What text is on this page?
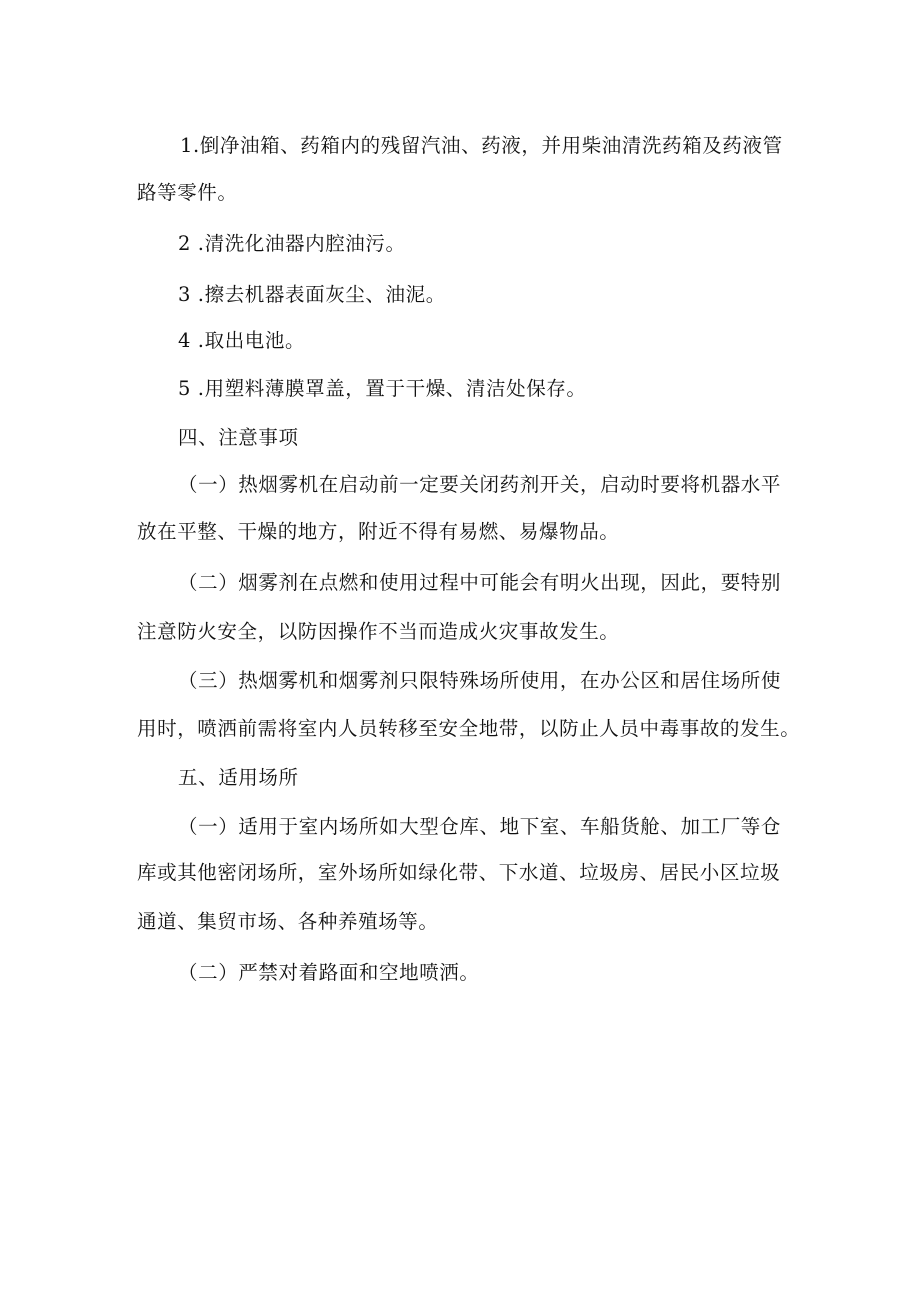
1.倒净油箱、药箱内的残留汽油、药液，并用柴油清洗药箱及药液管
路等零件。
2 .清洗化油器内腔油污。
3 .擦去机器表面灰尘、油泥。
4 .取出电池。
5 .用塑料薄膜罩盖，置于干燥、清洁处保存。
四、注意事项
（一）热烟雾机在启动前一定要关闭药剂开关，启动时要将机器水平
放在平整、干燥的地方，附近不得有易燃、易爆物品。
（二）烟雾剂在点燃和使用过程中可能会有明火出现，因此，要特别
注意防火安全，以防因操作不当而造成火灾事故发生。
（三）热烟雾机和烟雾剂只限特殊场所使用，在办公区和居住场所使
用时，喷洒前需将室内人员转移至安全地带，以防止人员中毒事故的发生。
五、适用场所
（一）适用于室内场所如大型仓库、地下室、车船货舱、加工厂等仓
库或其他密闭场所，室外场所如绿化带、下水道、垃圾房、居民小区垃圾
通道、集贸市场、各种养殖场等。
（二）严禁对着路面和空地喷洒。
